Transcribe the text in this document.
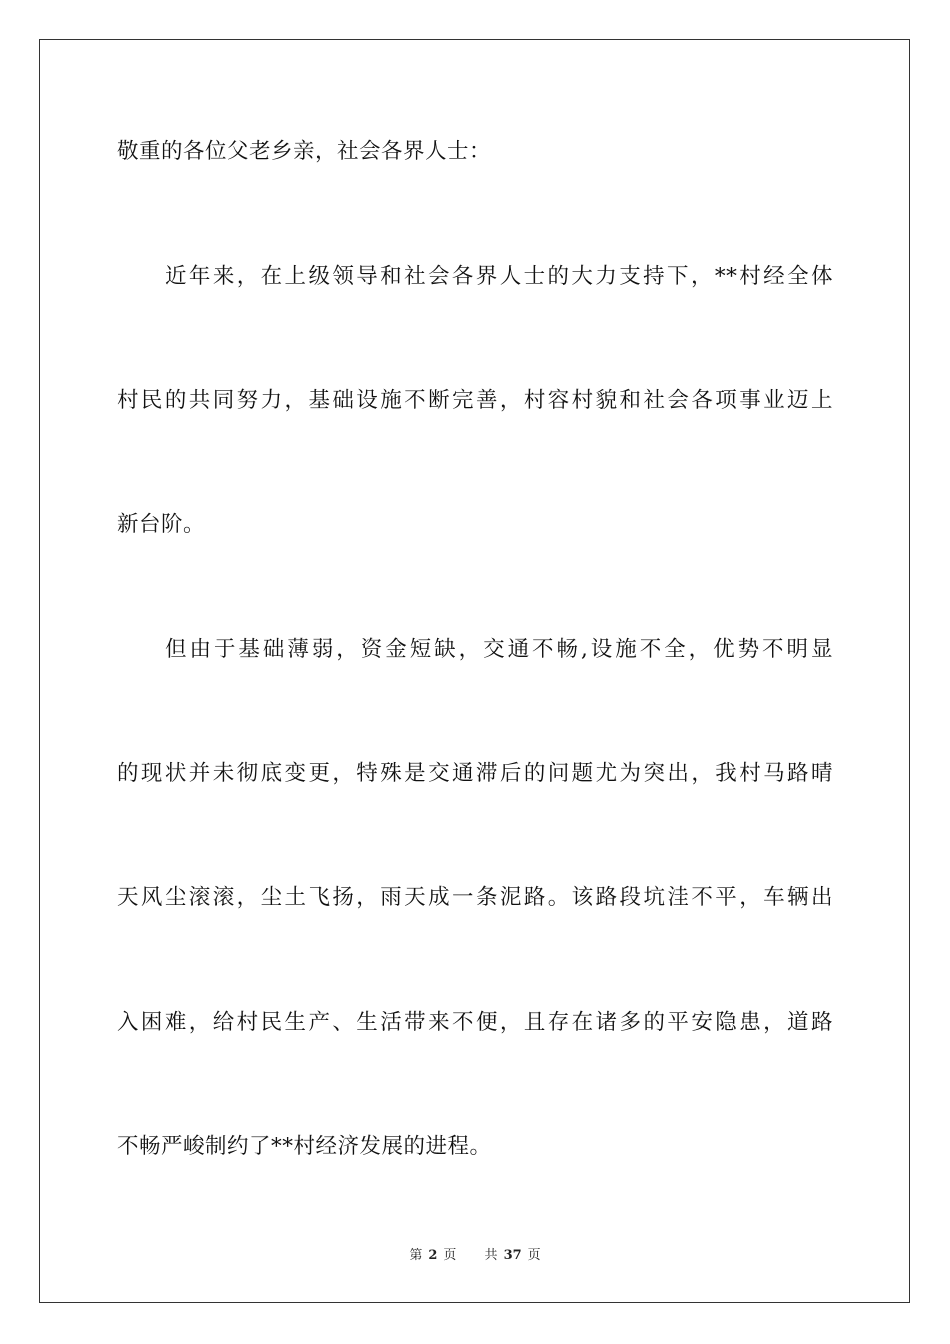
敬重的各位父老乡亲，社会各界人士：
近年来，在上级领导和社会各界人士的大力支持下，**村经全体
村民的共同努力，基础设施不断完善，村容村貌和社会各项事业迈上
新台阶。
但由于基础薄弱，资金短缺，交通不畅,设施不全，优势不明显
的现状并未彻底变更，特殊是交通滞后的问题尤为突出，我村马路晴
天风尘滚滚，尘土飞扬，雨天成一条泥路。该路段坑洼不平，车辆出
入困难，给村民生产、生活带来不便，且存在诸多的平安隐患，道路
不畅严峻制约了**村经济发展的进程。
第 2 页 共 37 页
